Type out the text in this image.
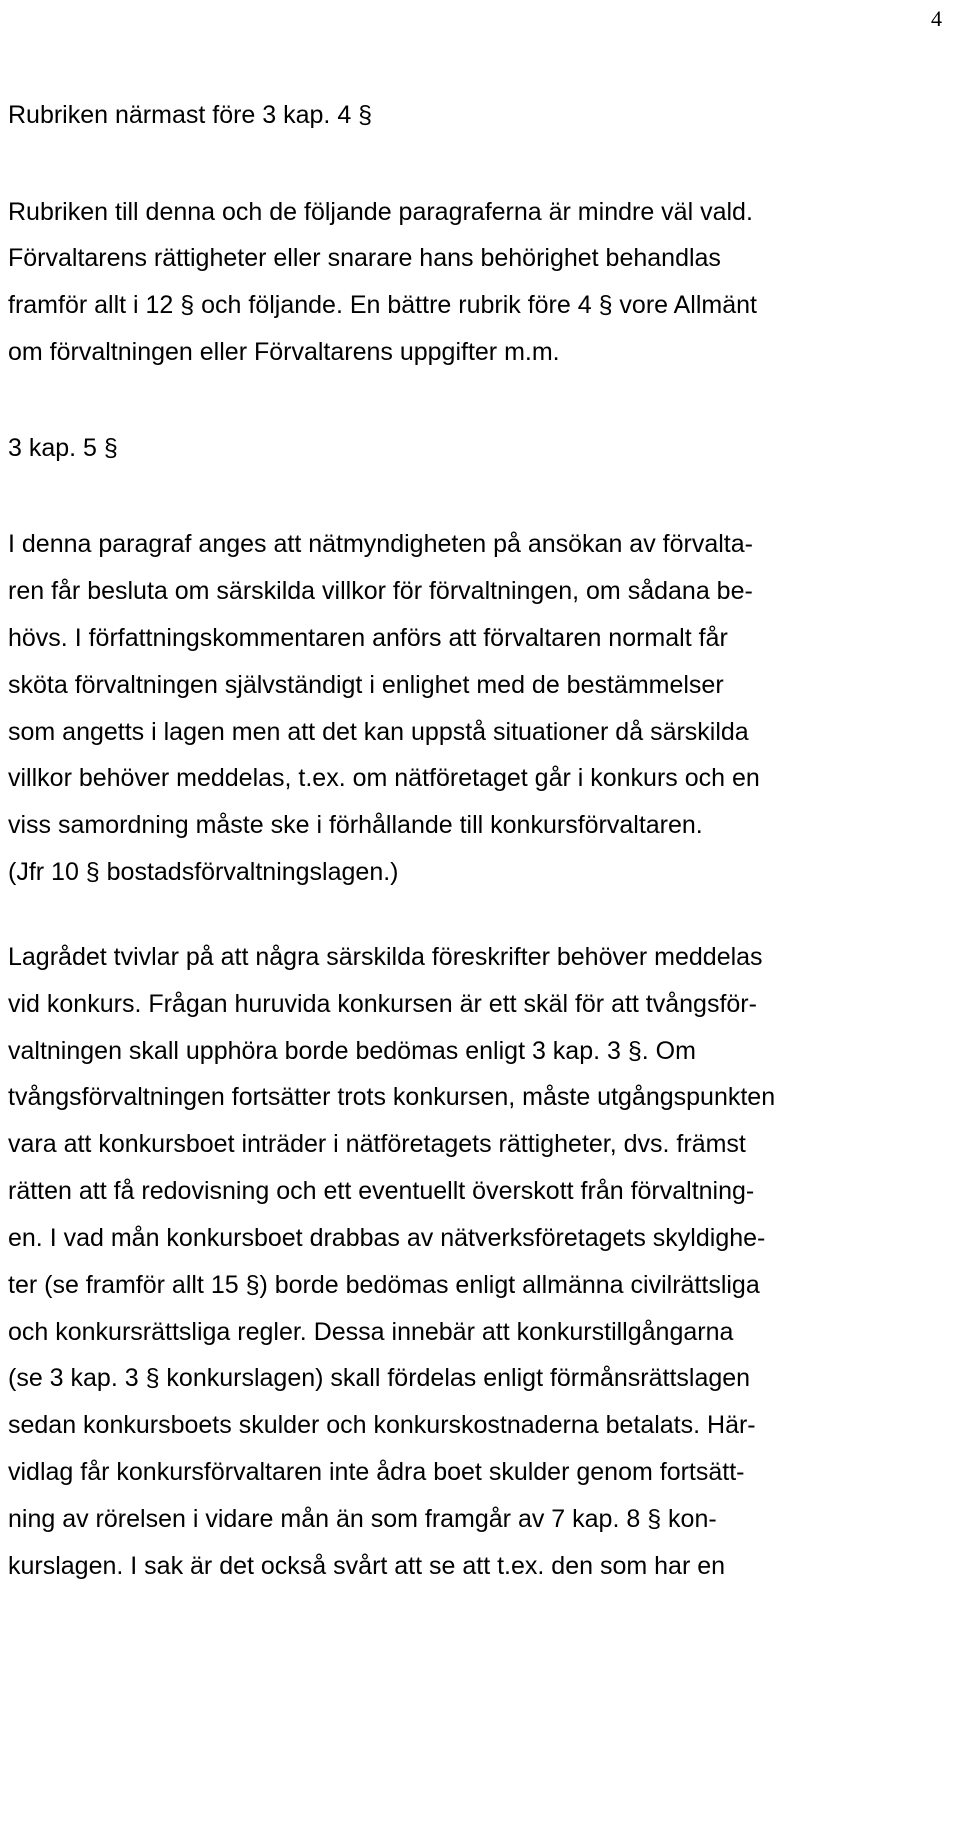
4
Rubriken närmast före 3 kap. 4 §
Rubriken till denna och de följande paragraferna är mindre väl vald.
Förvaltarens rättigheter eller snarare hans behörighet behandlas
framför allt i 12 § och följande. En bättre rubrik före 4 § vore Allmänt
om förvaltningen eller Förvaltarens uppgifter m.m.
3 kap. 5 §
I denna paragraf anges att nätmyndigheten på ansökan av förvalta-
ren får besluta om särskilda villkor för förvaltningen, om sådana be-
hövs. I författningskommentaren anförs att förvaltaren normalt får
sköta förvaltningen självständigt i enlighet med de bestämmelser
som angetts i lagen men att det kan uppstå situationer då särskilda
villkor behöver meddelas, t.ex. om nätföretaget går i konkurs och en
viss samordning måste ske i förhållande till konkursförvaltaren.
(Jfr 10 § bostadsförvaltningslagen.)
Lagrådet tvivlar på att några särskilda föreskrifter behöver meddelas
vid konkurs. Frågan huruvida konkursen är ett skäl för att tvångsför-
valtningen skall upphöra borde bedömas enligt 3 kap. 3 §. Om
tvångsförvaltningen fortsätter trots konkursen, måste utgångspunkten
vara att konkursboet inträder i nätföretagets rättigheter, dvs. främst
rätten att få redovisning och ett eventuellt överskott från förvaltning-
en. I vad mån konkursboet drabbas av nätverksföretagets skyldighe-
ter (se framför allt 15 §) borde bedömas enligt allmänna civilrättsliga
och konkursrättsliga regler. Dessa innebär att konkurstillgångarna
(se 3 kap. 3 § konkurslagen) skall fördelas enligt förmånsrättslagen
sedan konkursboets skulder och konkurskostnaderna betalats. Här-
vidlag får konkursförvaltaren inte ådra boet skulder genom fortsätt-
ning av rörelsen i vidare mån än som framgår av 7 kap. 8 § kon-
kurslagen. I sak är det också svårt att se att t.ex. den som har en
